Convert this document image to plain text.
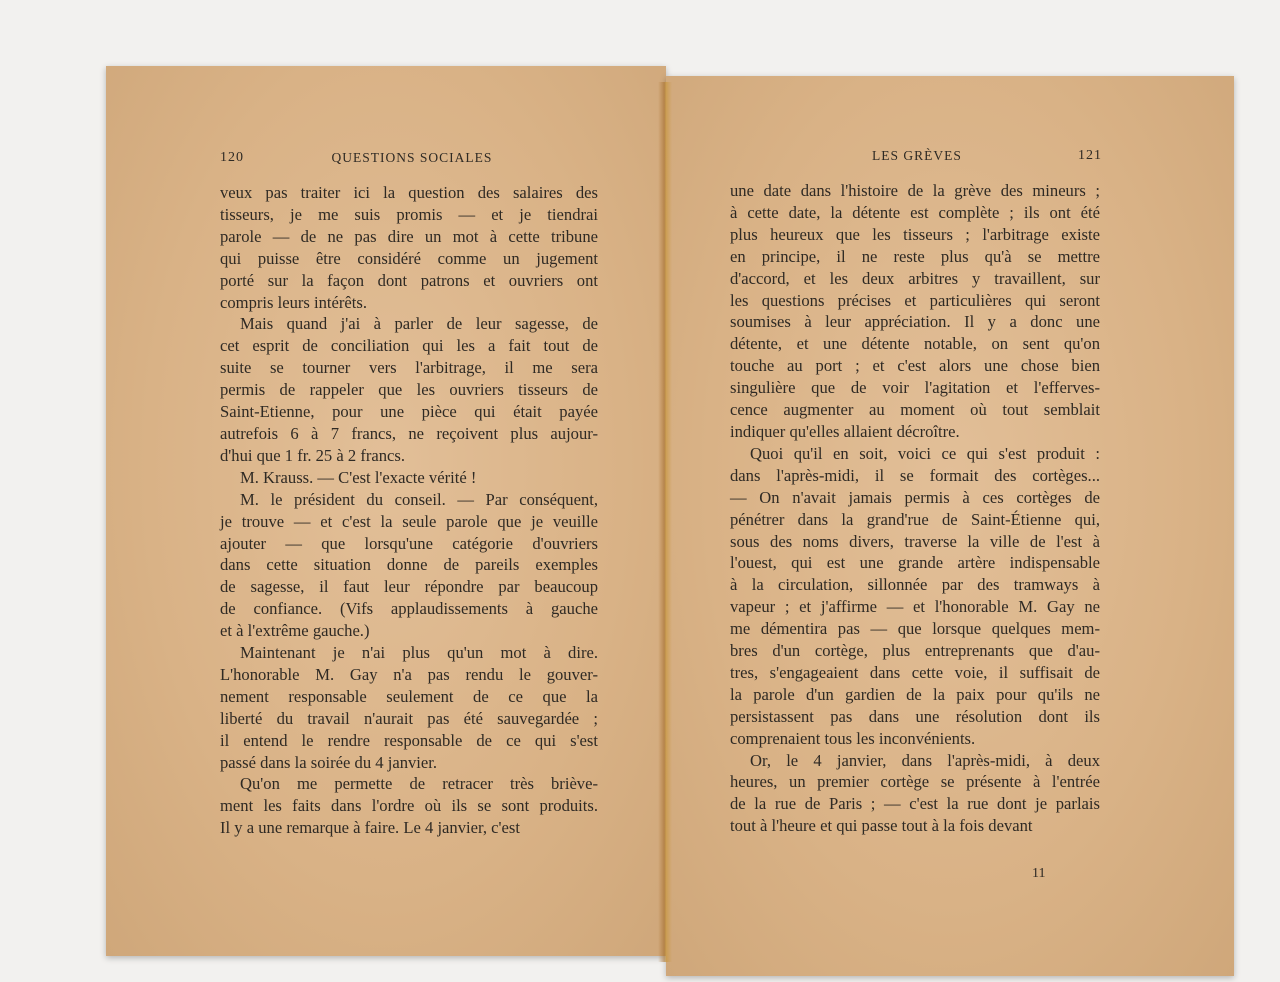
120	QUESTIONS SOCIALES
veux pas traiter ici la question des salaires des
tisseurs, je me suis promis — et je tiendrai
parole — de ne pas dire un mot à cette tribune
qui puisse être considéré comme un jugement
porté sur la façon dont patrons et ouvriers ont
compris leurs intérêts.
Mais quand j'ai à parler de leur sagesse, de
cet esprit de conciliation qui les a fait tout de
suite se tourner vers l'arbitrage, il me sera
permis de rappeler que les ouvriers tisseurs de
Saint-Etienne, pour une pièce qui était payée
autrefois 6 à 7 francs, ne reçoivent plus aujour-
d'hui que 1 fr. 25 à 2 francs.
M. Krauss. — C'est l'exacte vérité !
M. le président du conseil. — Par conséquent,
je trouve — et c'est la seule parole que je veuille
ajouter — que lorsqu'une catégorie d'ouvriers
dans cette situation donne de pareils exemples
de sagesse, il faut leur répondre par beaucoup
de confiance. (Vifs applaudissements à gauche
et à l'extrême gauche.)
Maintenant je n'ai plus qu'un mot à dire.
L'honorable M. Gay n'a pas rendu le gouver-
nement responsable seulement de ce que la
liberté du travail n'aurait pas été sauvegardée ;
il entend le rendre responsable de ce qui s'est
passé dans la soirée du 4 janvier.
Qu'on me permette de retracer très briève-
ment les faits dans l'ordre où ils se sont produits.
Il y a une remarque à faire. Le 4 janvier, c'est
LES GRÈVES	121
une date dans l'histoire de la grève des mineurs ;
à cette date, la détente est complète ; ils ont été
plus heureux que les tisseurs ; l'arbitrage existe
en principe, il ne reste plus qu'à se mettre
d'accord, et les deux arbitres y travaillent, sur
les questions précises et particulières qui seront
soumises à leur appréciation. Il y a donc une
détente, et une détente notable, on sent qu'on
touche au port ; et c'est alors une chose bien
singulière que de voir l'agitation et l'efferves-
cence augmenter au moment où tout semblait
indiquer qu'elles allaient décroître.
Quoi qu'il en soit, voici ce qui s'est produit :
dans l'après-midi, il se formait des cortèges...
— On n'avait jamais permis à ces cortèges de
pénétrer dans la grand'rue de Saint-Étienne qui,
sous des noms divers, traverse la ville de l'est à
l'ouest, qui est une grande artère indispensable
à la circulation, sillonnée par des tramways à
vapeur ; et j'affirme — et l'honorable M. Gay ne
me démentira pas — que lorsque quelques mem-
bres d'un cortège, plus entreprenants que d'au-
tres, s'engageaient dans cette voie, il suffisait de
la parole d'un gardien de la paix pour qu'ils ne
persistassent pas dans une résolution dont ils
comprenaient tous les inconvénients.
Or, le 4 janvier, dans l'après-midi, à deux
heures, un premier cortège se présente à l'entrée
de la rue de Paris ; — c'est la rue dont je parlais
tout à l'heure et qui passe tout à la fois devant
11
